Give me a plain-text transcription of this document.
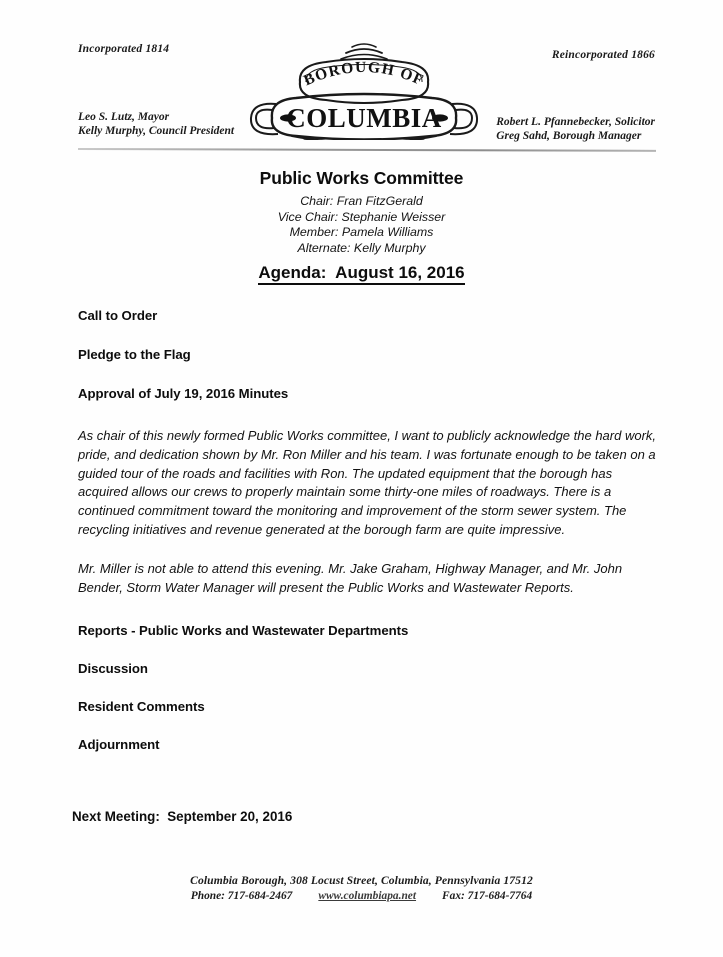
Incorporated 1814	Reincorporated 1866
Leo S. Lutz, Mayor
Kelly Murphy, Council President
Robert L. Pfannebecker, Solicitor
Greg Sahd, Borough Manager
BOROUGH OF
COLUMBIA
Public Works Committee
Chair: Fran FitzGerald
Vice Chair: Stephanie Weisser
Member: Pamela Williams
Alternate: Kelly Murphy
Agenda:  August 16, 2016
Call to Order
Pledge to the Flag
Approval of July 19, 2016 Minutes

As chair of this newly formed Public Works committee, I want to publicly acknowledge the hard work, pride, and dedication shown by Mr. Ron Miller and his team. I was fortunate enough to be taken on a guided tour of the roads and facilities with Ron. The updated equipment that the borough has acquired allows our crews to properly maintain some thirty-one miles of roadways. There is a continued commitment toward the monitoring and improvement of the storm sewer system. The recycling initiatives and revenue generated at the borough farm are quite impressive.

Mr. Miller is not able to attend this evening. Mr. Jake Graham, Highway Manager, and Mr. John Bender, Storm Water Manager will present the Public Works and Wastewater Reports.

Reports - Public Works and Wastewater Departments
Discussion
Resident Comments
Adjournment
Next Meeting:  September 20, 2016
Columbia Borough, 308 Locust Street, Columbia, Pennsylvania 17512
Phone: 717-684-2467 www.columbiapa.net Fax: 717-684-7764
